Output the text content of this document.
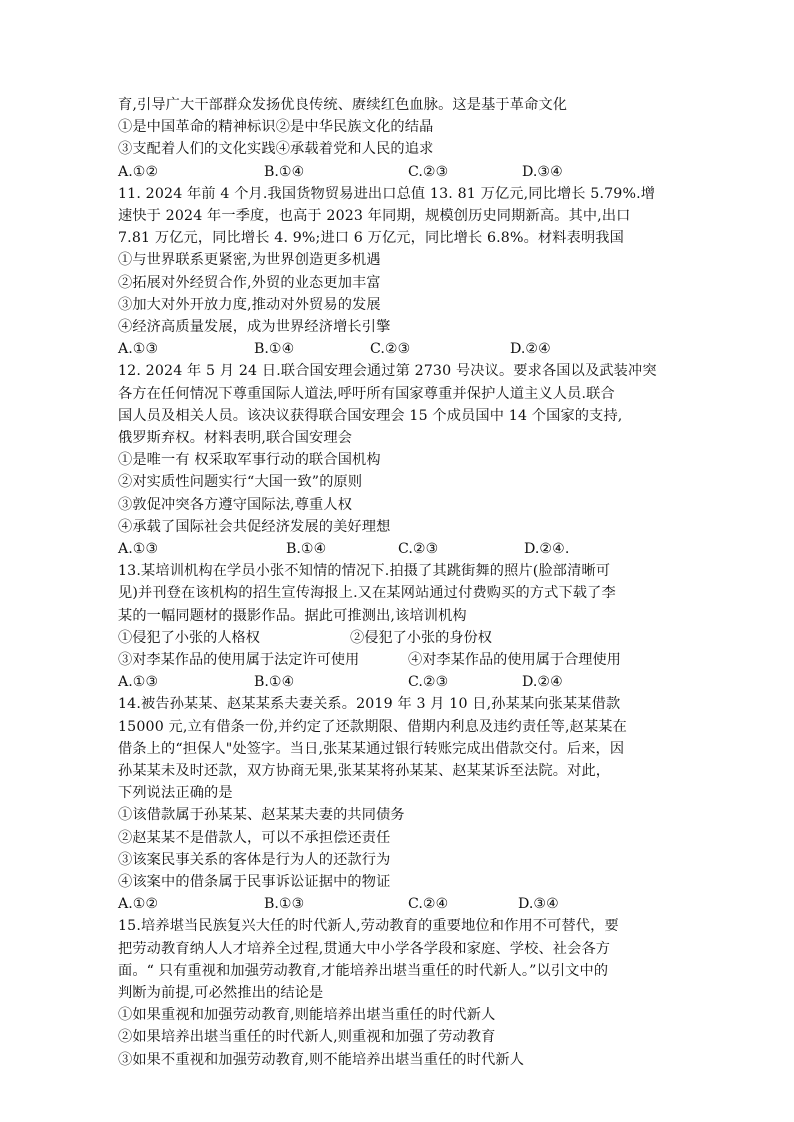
育,引导广大干部群众发扬优良传统、赓续红色血脉。这是基于革命文化
①是中国革命的精神标识②是中华民族文化的结晶
③支配着人们的文化实践④承载着党和人民的追求
A.①②	B.①④	C.②③	D.③④
11. 2024 年前 4 个月.我国货物贸易进出口总值 13. 81 万亿元,同比增长 5.79%.增
速快于 2024 年一季度，也高于 2023 年同期，规模创历史同期新高。其中,出口
7.81 万亿元，同比增长 4. 9%;进口 6 万亿元，同比增长 6.8%。材料表明我国
①与世界联系更紧密,为世界创造更多机遇
②拓展对外经贸合作,外贸的业态更加丰富
③加大对外开放力度,推动对外贸易的发展
④经济高质量发展，成为世界经济增长引擎
A.①③	B.①④	C.②③	D.②④
12. 2024 年 5 月 24 日.联合国安理会通过第 2730 号决议。要求各国以及武装冲突
各方在任何情况下尊重国际人道法,呼吁所有国家尊重并保护人道主义人员.联合
国人员及相关人员。该决议获得联合国安理会 15 个成员国中 14 个国家的支持,
俄罗斯弃权。材料表明,联合国安理会
①是唯一有 权采取军事行动的联合国机构
②对实质性问题实行“大国一致”的原则
③敦促冲突各方遵守国际法,尊重人权
④承载了国际社会共促经济发展的美好理想
A.①③	B.①④	C.②③	D.②④.
13.某培训机构在学员小张不知情的情况下.拍摄了其跳街舞的照片(脸部清晰可
见)并刊登在该机构的招生宣传海报上.又在某网站通过付费购买的方式下载了李
某的一幅同题材的摄影作品。据此可推测出,该培训机构
①侵犯了小张的人格权	②侵犯了小张的身份权
③对李某作品的使用属于法定许可使用	④对李某作品的使用属于合理使用
A.①③	B.①④	C.②③	D.②④
14.被告孙某某、赵某某系夫妻关系。2019 年 3 月 10 日,孙某某向张某某借款
15000 元,立有借条一份,并约定了还款期限、借期内利息及违约责任等,赵某某在
借条上的“担保人"处签字。当日,张某某通过银行转账完成出借款交付。后来，因
孙某某未及时还款，双方协商无果,张某某将孙某某、赵某某诉至法院。对此，
下列说法正确的是
①该借款属于孙某某、赵某某夫妻的共同债务
②赵某某不是借款人，可以不承担偿还责任
③该案民事关系的客体是行为人的还款行为
④该案中的借条属于民事诉讼证据中的物证
A.①②	B.①③	C.②④	D.③④
15.培养堪当民族复兴大任的时代新人,劳动教育的重要地位和作用不可替代，要
把劳动教育纳人人才培养全过程,贯通大中小学各学段和家庭、学校、社会各方
面。“ 只有重视和加强劳动教育,才能培养出堪当重任的时代新人。”以引文中的
判断为前提,可必然推出的结论是
①如果重视和加强劳动教育,则能培养出堪当重任的时代新人
②如果培养出堪当重任的时代新人,则重视和加强了劳动教育
③如果不重视和加强劳动教育,则不能培养出堪当重任的时代新人
